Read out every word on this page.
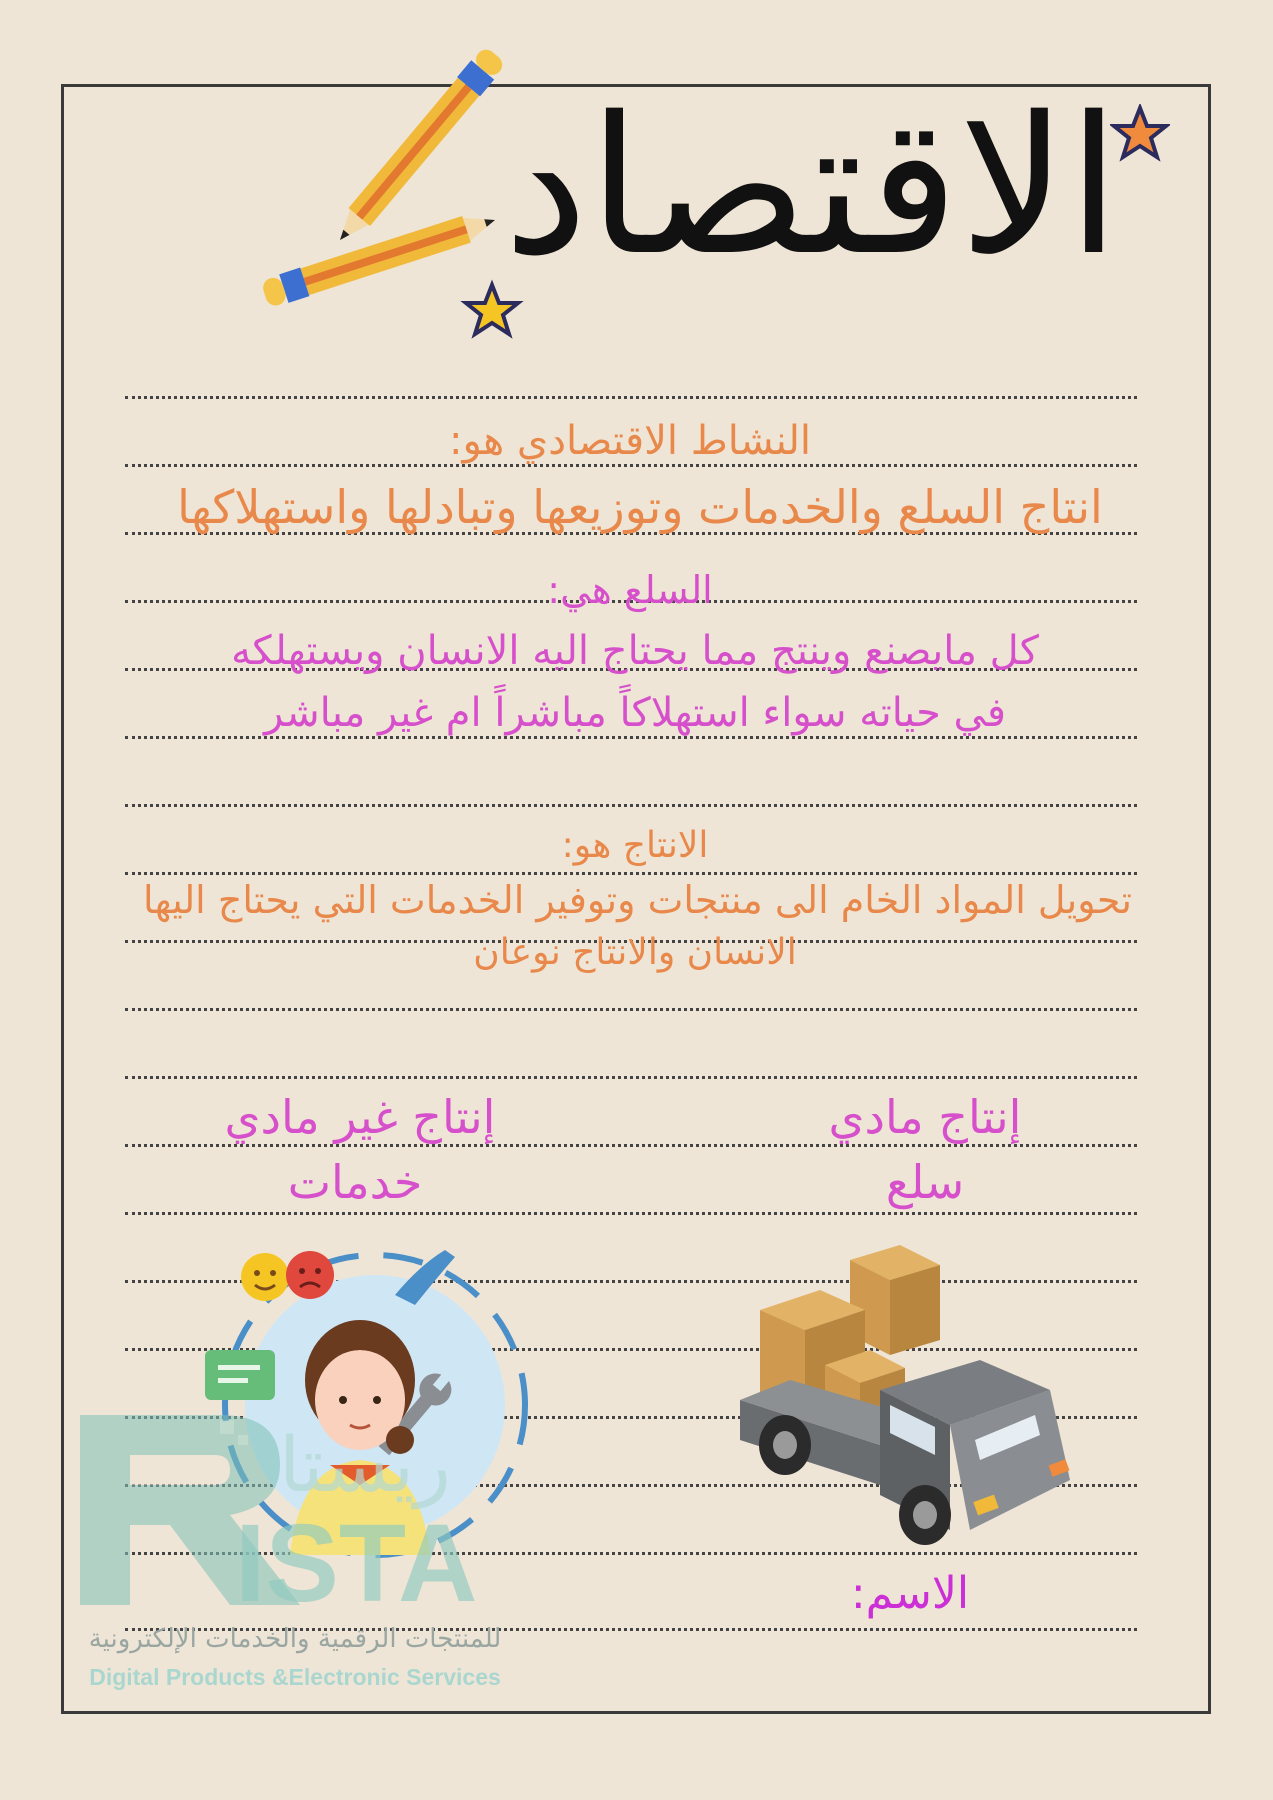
الاقتصاد
النشاط الاقتصادي هو:
انتاج السلع والخدمات وتوزيعها وتبادلها واستهلاكها
السلع هي:
كل مايصنع وينتج مما يحتاج اليه الانسان ويستهلكه
في حياته سواء استهلاكاً مباشراً ام غير مباشر
الانتاج هو:
تحويل المواد الخام الى منتجات وتوفير الخدمات التي يحتاج اليها
الانسان والانتاج نوعان
إنتاج مادي
سلع
إنتاج غير مادي
خدمات
ريستا
ISTA
للمنتجات الرقمية والخدمات الإلكترونية
Digital Products &Electronic Services
الاسم:
